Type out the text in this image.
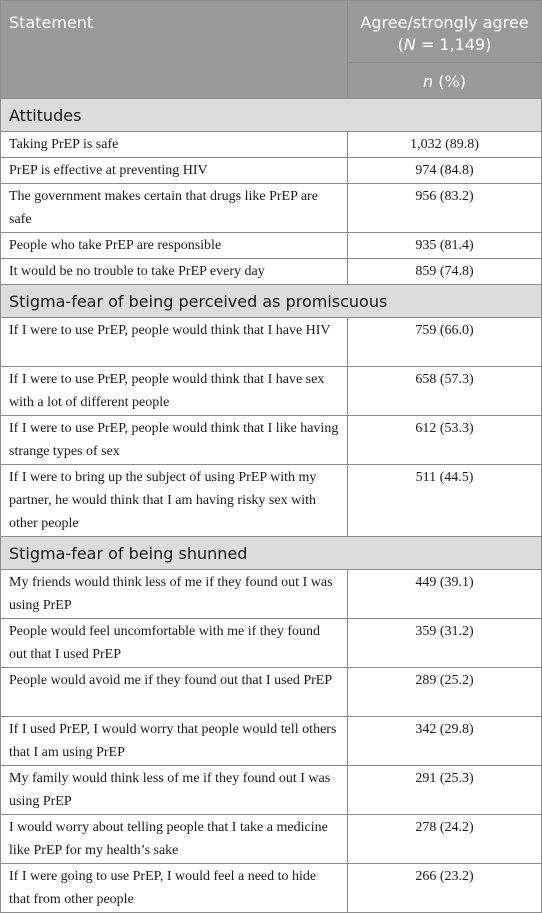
Statement	Agree/strongly agree
(N = 1,149)
	n (%)
Attitudes	
Taking PrEP is safe	1,032 (89.8)
PrEP is effective at preventing HIV	974 (84.8)
The government makes certain that drugs like PrEP are safe	956 (83.2)
People who take PrEP are responsible	935 (81.4)
It would be no trouble to take PrEP every day	859 (74.8)
Stigma-fear of being perceived as promiscuous	
If I were to use PrEP, people would think that I have HIV	759 (66.0)
If I were to use PrEP, people would think that I have sex with a lot of different people	658 (57.3)
If I were to use PrEP, people would think that I like having strange types of sex	612 (53.3)
If I were to bring up the subject of using PrEP with my partner, he would think that I am having risky sex with other people	511 (44.5)
Stigma-fear of being shunned	
My friends would think less of me if they found out I was using PrEP	449 (39.1)
People would feel uncomfortable with me if they found out that I used PrEP	359 (31.2)
People would avoid me if they found out that I used PrEP	289 (25.2)
If I used PrEP, I would worry that people would tell others that I am using PrEP	342 (29.8)
My family would think less of me if they found out I was using PrEP	291 (25.3)
I would worry about telling people that I take a medicine like PrEP for my health’s sake	278 (24.2)
If I were going to use PrEP, I would feel a need to hide that from other people	266 (23.2)
